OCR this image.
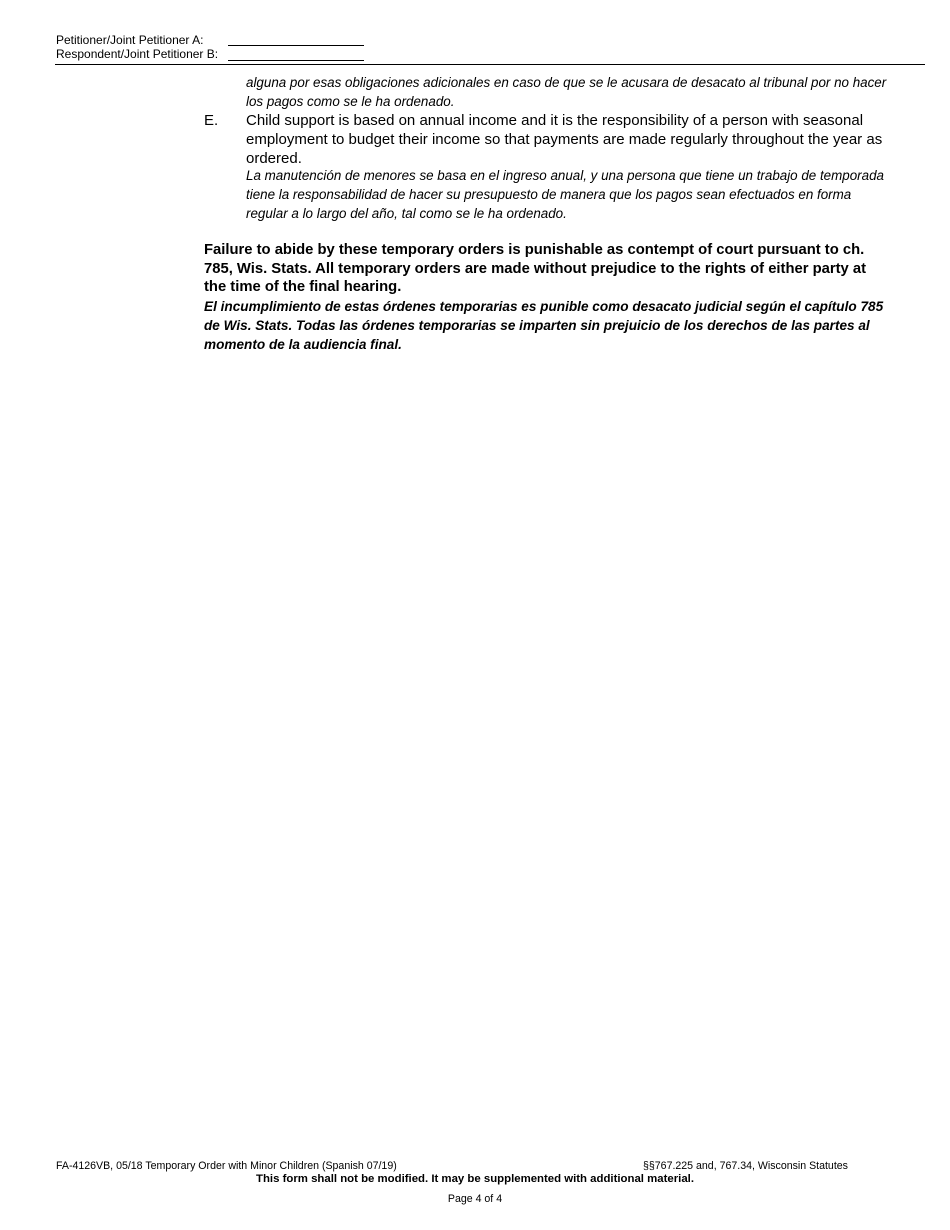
Petitioner/Joint Petitioner A:
Respondent/Joint Petitioner B:
alguna por esas obligaciones adicionales en caso de que se le acusara de desacato al tribunal por no hacer los pagos como se le ha ordenado.
E. Child support is based on annual income and it is the responsibility of a person with seasonal employment to budget their income so that payments are made regularly throughout the year as ordered.
La manutención de menores se basa en el ingreso anual, y una persona que tiene un trabajo de temporada tiene la responsabilidad de hacer su presupuesto de manera que los pagos sean efectuados en forma regular a lo largo del año, tal como se le ha ordenado.
Failure to abide by these temporary orders is punishable as contempt of court pursuant to ch. 785, Wis. Stats. All temporary orders are made without prejudice to the rights of either party at the time of the final hearing.
El incumplimiento de estas órdenes temporarias es punible como desacato judicial según el capítulo 785 de Wis. Stats. Todas las órdenes temporarias se imparten sin prejuicio de los derechos de las partes al momento de la audiencia final.
FA-4126VB, 05/18 Temporary Order with Minor Children (Spanish 07/19)	§§767.225 and, 767.34, Wisconsin Statutes
This form shall not be modified. It may be supplemented with additional material.
Page 4 of 4
